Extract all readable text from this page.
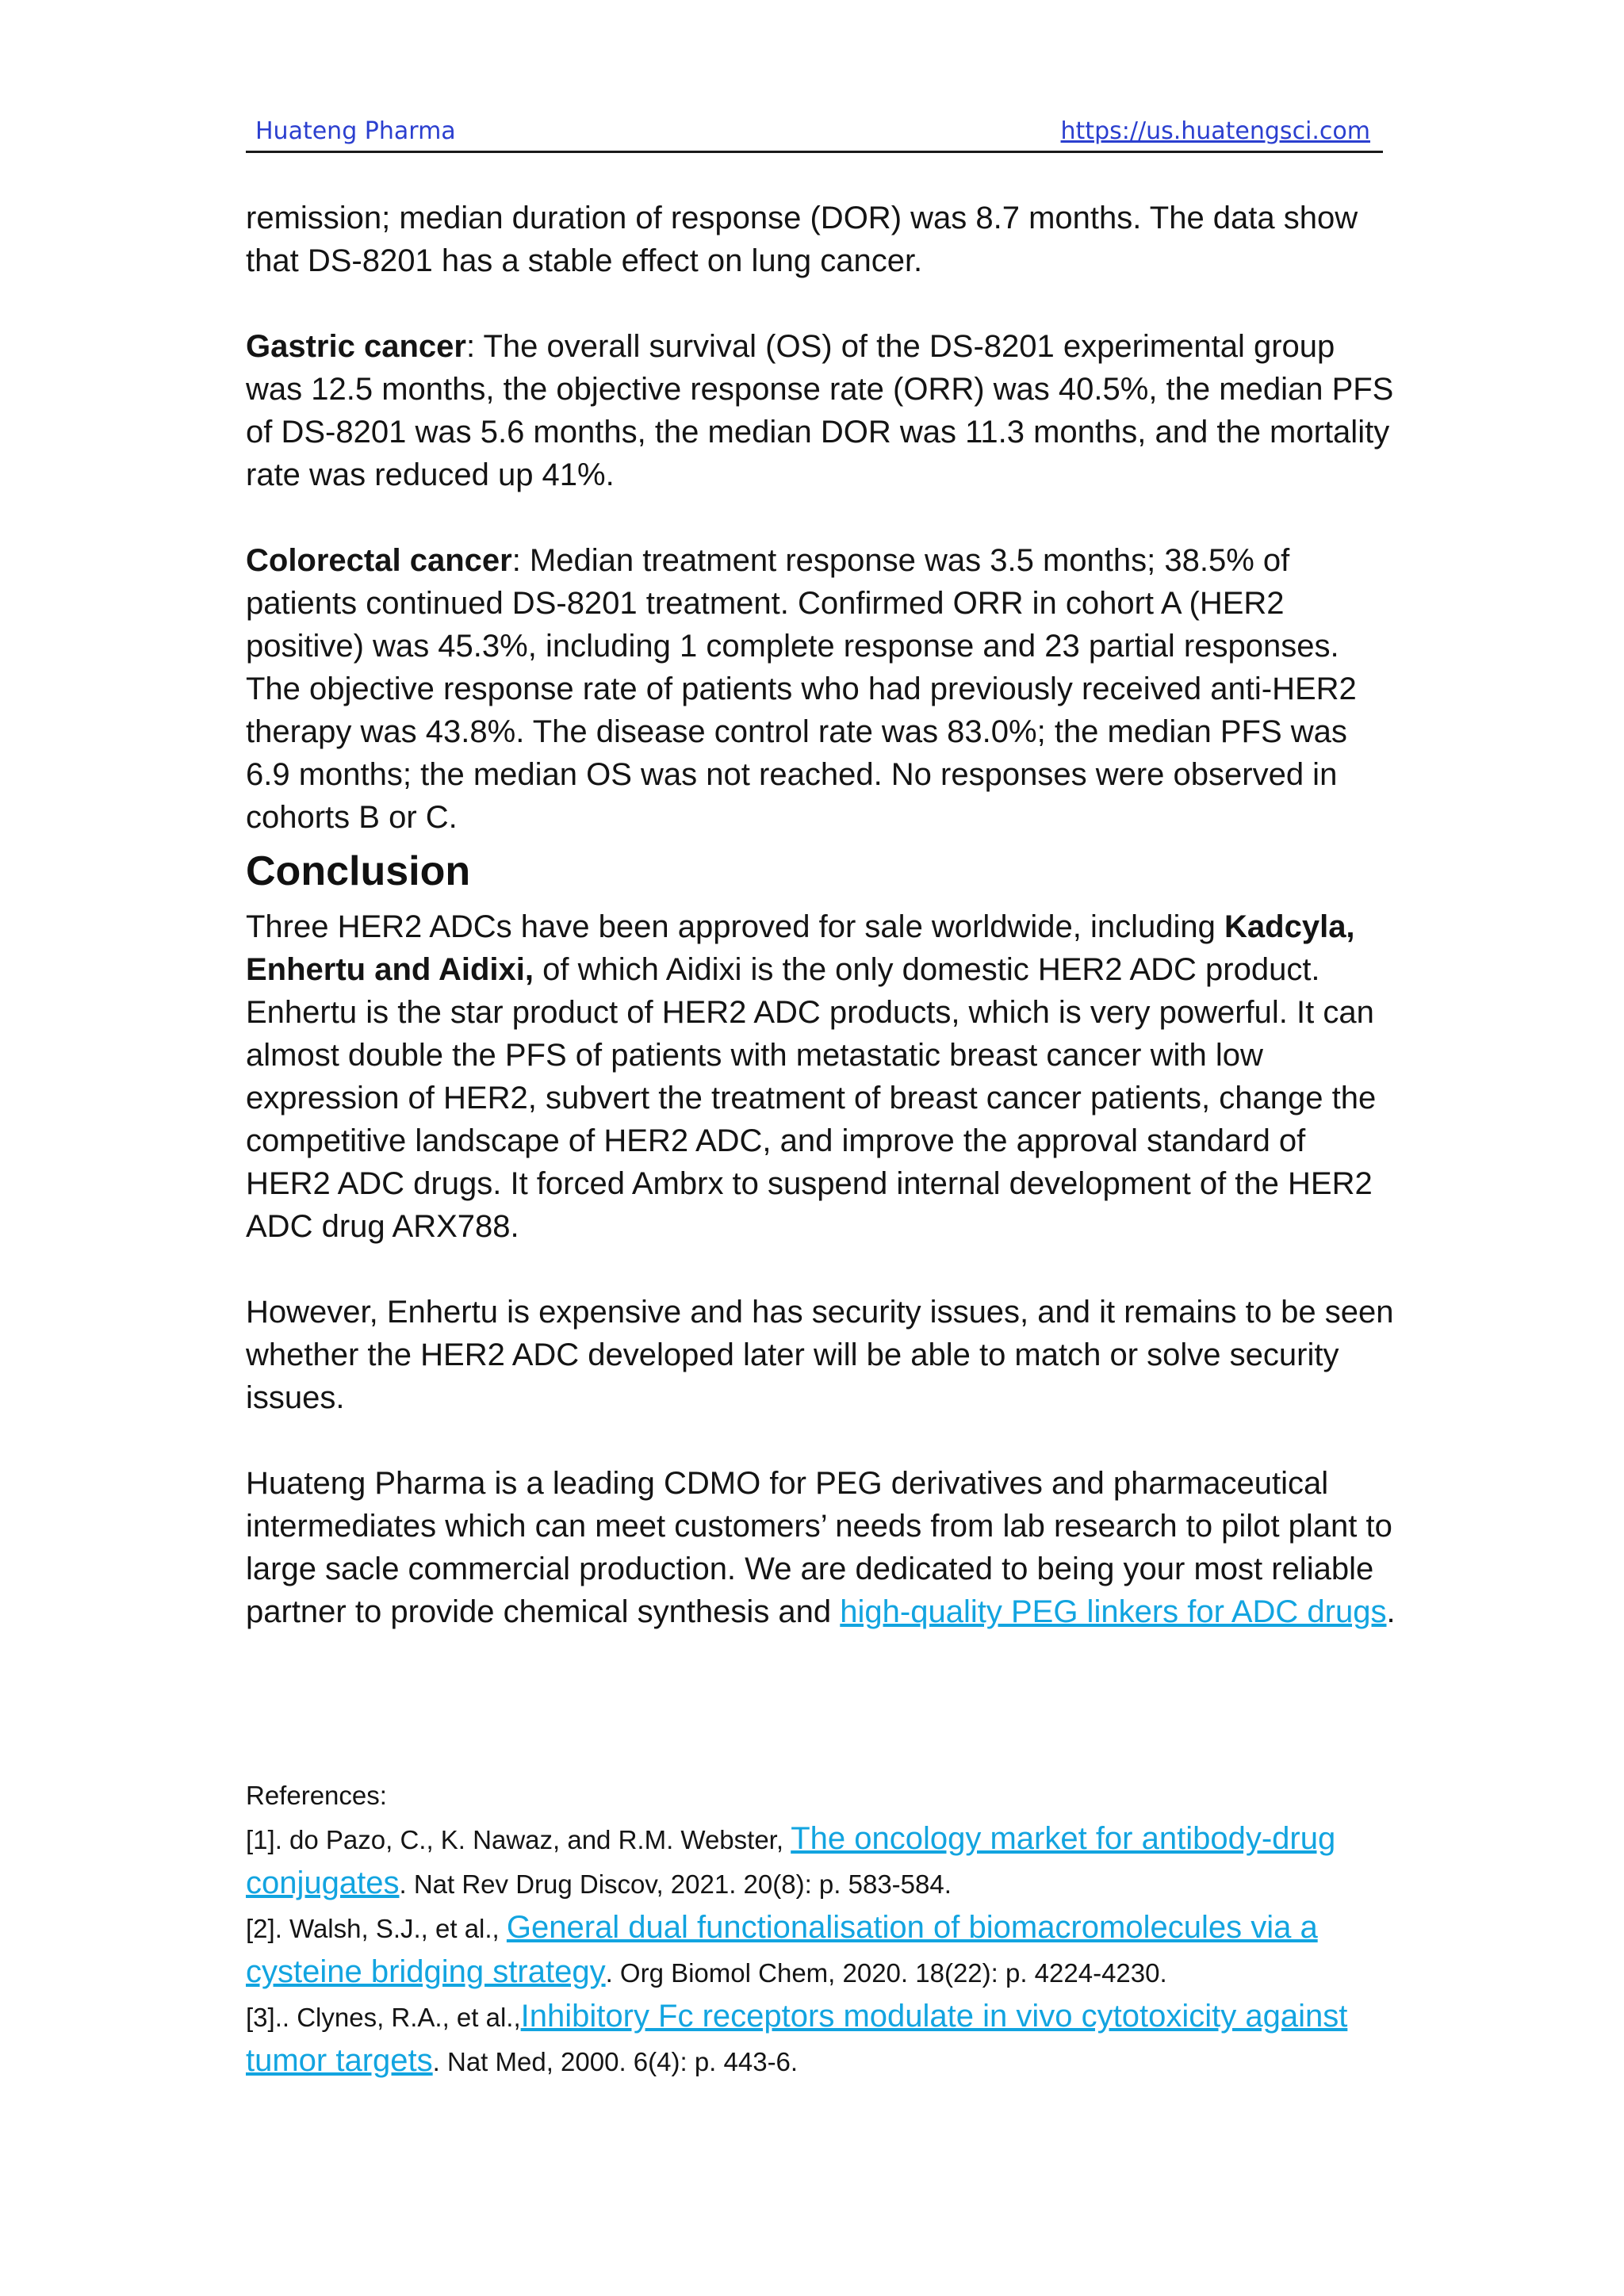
Huateng Pharma	https://us.huatengsci.com

remission; median duration of response (DOR) was 8.7 months. The data show that DS-8201 has a stable effect on lung cancer.

Gastric cancer: The overall survival (OS) of the DS-8201 experimental group was 12.5 months, the objective response rate (ORR) was 40.5%, the median PFS of DS-8201 was 5.6 months, the median DOR was 11.3 months, and the mortality rate was reduced up 41%.

Colorectal cancer: Median treatment response was 3.5 months; 38.5% of patients continued DS-8201 treatment. Confirmed ORR in cohort A (HER2 positive) was 45.3%, including 1 complete response and 23 partial responses. The objective response rate of patients who had previously received anti-HER2 therapy was 43.8%. The disease control rate was 83.0%; the median PFS was 6.9 months; the median OS was not reached. No responses were observed in cohorts B or C.

Conclusion

Three HER2 ADCs have been approved for sale worldwide, including Kadcyla, Enhertu and Aidixi, of which Aidixi is the only domestic HER2 ADC product. Enhertu is the star product of HER2 ADC products, which is very powerful. It can almost double the PFS of patients with metastatic breast cancer with low expression of HER2, subvert the treatment of breast cancer patients, change the competitive landscape of HER2 ADC, and improve the approval standard of HER2 ADC drugs. It forced Ambrx to suspend internal development of the HER2 ADC drug ARX788.

However, Enhertu is expensive and has security issues, and it remains to be seen whether the HER2 ADC developed later will be able to match or solve security issues.

Huateng Pharma is a leading CDMO for PEG derivatives and pharmaceutical intermediates which can meet customers’ needs from lab research to pilot plant to large sacle commercial production. We are dedicated to being your most reliable partner to provide chemical synthesis and high-quality PEG linkers for ADC drugs.

References:
[1]. do Pazo, C., K. Nawaz, and R.M. Webster, The oncology market for antibody-drug conjugates. Nat Rev Drug Discov, 2021. 20(8): p. 583-584.
[2]. Walsh, S.J., et al., General dual functionalisation of biomacromolecules via a cysteine bridging strategy. Org Biomol Chem, 2020. 18(22): p. 4224-4230.
[3].. Clynes, R.A., et al.,Inhibitory Fc receptors modulate in vivo cytotoxicity against tumor targets. Nat Med, 2000. 6(4): p. 443-6.
